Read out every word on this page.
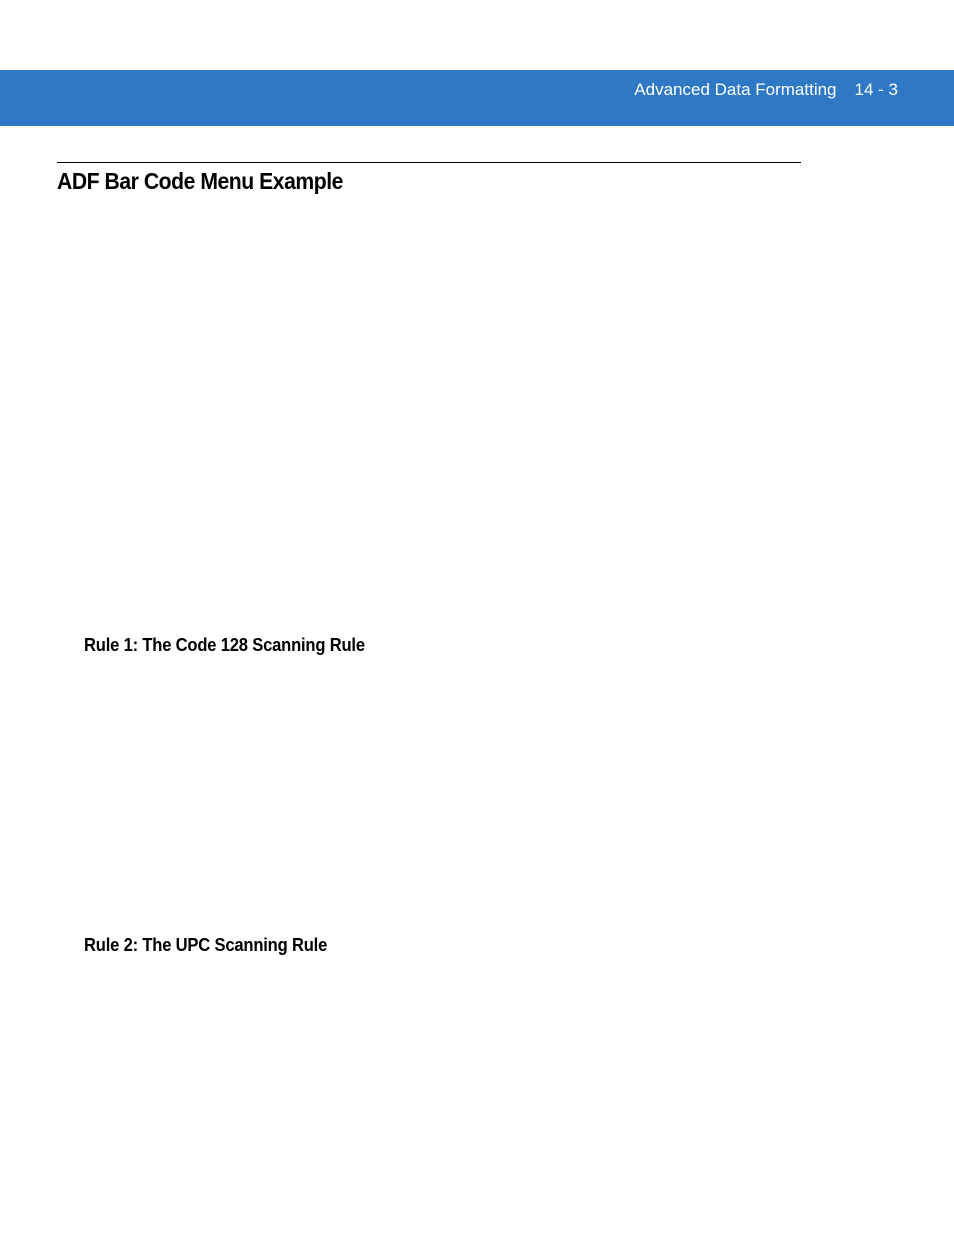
Advanced Data Formatting 14 - 3
ADF Bar Code Menu Example
Rule 1: The Code 128 Scanning Rule
Rule 2: The UPC Scanning Rule
